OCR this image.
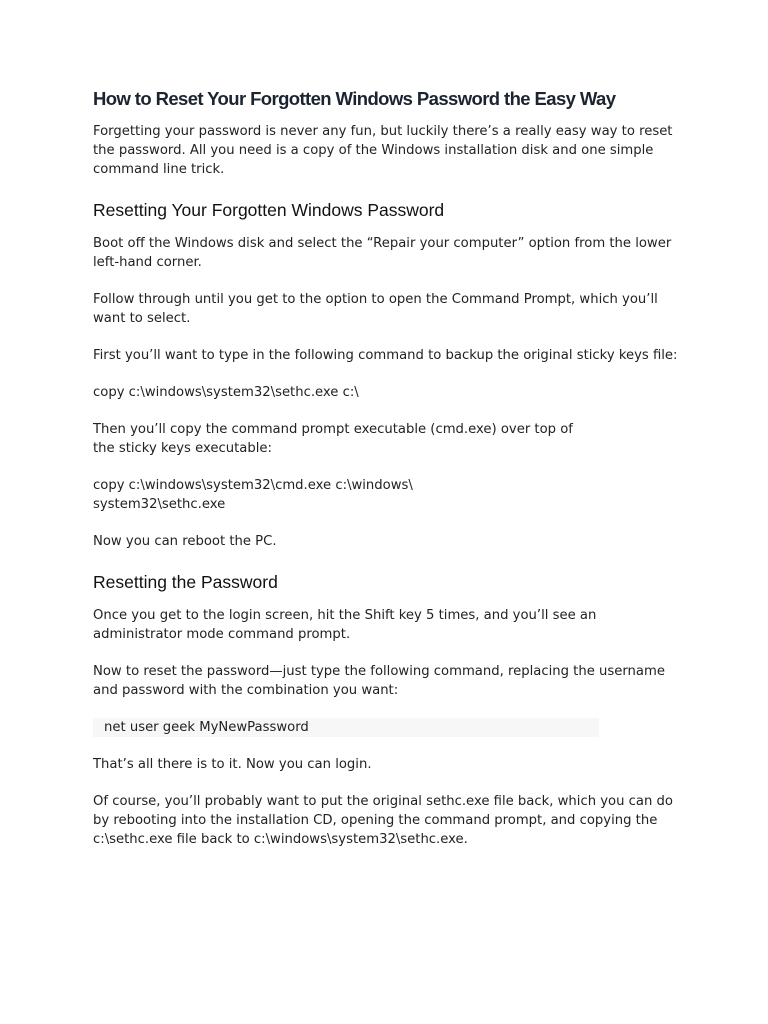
How to Reset Your Forgotten Windows Password the Easy Way

Forgetting your password is never any fun, but luckily there’s a really easy way to reset the password. All you need is a copy of the Windows installation disk and one simple command line trick.

Resetting Your Forgotten Windows Password

Boot off the Windows disk and select the “Repair your computer” option from the lower left-hand corner.

Follow through until you get to the option to open the Command Prompt, which you’ll want to select.

First you’ll want to type in the following command to backup the original sticky keys file:

copy c:\windows\system32\sethc.exe c:\

Then you’ll copy the command prompt executable (cmd.exe) over top of
the sticky keys executable:

copy c:\windows\system32\cmd.exe c:\windows\
system32\sethc.exe

Now you can reboot the PC.

Resetting the Password

Once you get to the login screen, hit the Shift key 5 times, and you’ll see an administrator mode command prompt.

Now to reset the password—just type the following command, replacing the username and password with the combination you want:

net user geek MyNewPassword

That’s all there is to it. Now you can login.

Of course, you’ll probably want to put the original sethc.exe file back, which you can do by rebooting into the installation CD, opening the command prompt, and copying the c:\sethc.exe file back to c:\windows\system32\sethc.exe.
